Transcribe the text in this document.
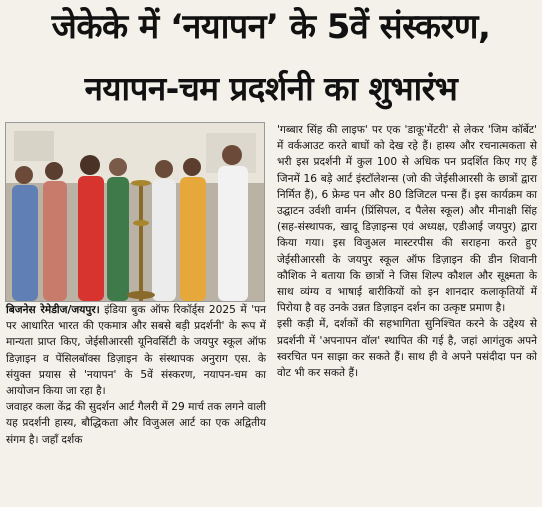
जेकेके में ‘नयापन’ के 5वें संस्करण,
नयापन-चम प्रदर्शनी का शुभारंभ

बिजनेस रेमेडीज/जयपुर। इंडिया बुक ऑफ रिकॉर्ड्स 2025 में 'पन पर आधारित भारत की एकमात्र और सबसे बड़ी प्रदर्शनी' के रूप में मान्यता प्राप्त किए, जेईसीआरसी यूनिवर्सिटी के जयपुर स्कूल ऑफ डिज़ाइन व पेंसिलबॉक्स डिज़ाइन के संस्थापक अनुराग एस. के संयुक्त प्रयास से 'नयापन' के 5वें संस्करण, नयापन-चम का आयोजन किया जा रहा है।

जवाहर कला केंद्र की सुदर्शन आर्ट गैलरी में 29 मार्च तक लगने वाली यह प्रदर्शनी हास्य, बौद्धिकता और विजुअल आर्ट का एक अद्वितीय संगम है। जहाँ दर्शक

'गब्बार सिंह की लाइफ' पर एक 'डाकू'मेंटरी' से लेकर 'जिम कॉर्बेट' में वर्कआउट करते बाघों को देख रहे हैं। हास्य और रचनात्मकता से भरी इस प्रदर्शनी में कुल 100 से अधिक पन प्रदर्शित किए गए हैं जिनमें 16 बड़े आर्ट इंस्टॉलेशन्स (जो की जेईसीआरसी के छात्रों द्वारा निर्मित हैं), 6 फ्रेम्ड पन और 80 डिजिटल पन्स हैं। इस कार्यक्रम का उद्घाटन उर्वशी वार्मन (प्रिंसिपल, द पैलेस स्कूल) और मीनाक्षी सिंह (सह-संस्थापक, खादू डिज़ाइन्स एवं अध्यक्ष, एडीआई जयपुर) द्वारा किया गया। इस विजुअल मास्टरपीस की सराहना करते हुए जेईसीआरसी के जयपुर स्कूल ऑफ डिज़ाइन की डीन शिवानी कौशिक ने बताया कि छात्रों ने जिस शिल्प कौशल और सूक्ष्मता के साथ व्यंग्य व भाषाई बारीकियों को इन शानदार कलाकृतियों में पिरोया है वह उनके उन्नत डिज़ाइन दर्शन का उत्कृष्ट प्रमाण है।

इसी कड़ी में, दर्शकों की सहभागिता सुनिश्चित करने के उद्देश्य से प्रदर्शनी में 'अपनापन वॉल' स्थापित की गई है, जहां आगंतुक अपने स्वरचित पन साझा कर सकते हैं। साथ ही वे अपने पसंदीदा पन को वोट भी कर सकते हैं।
